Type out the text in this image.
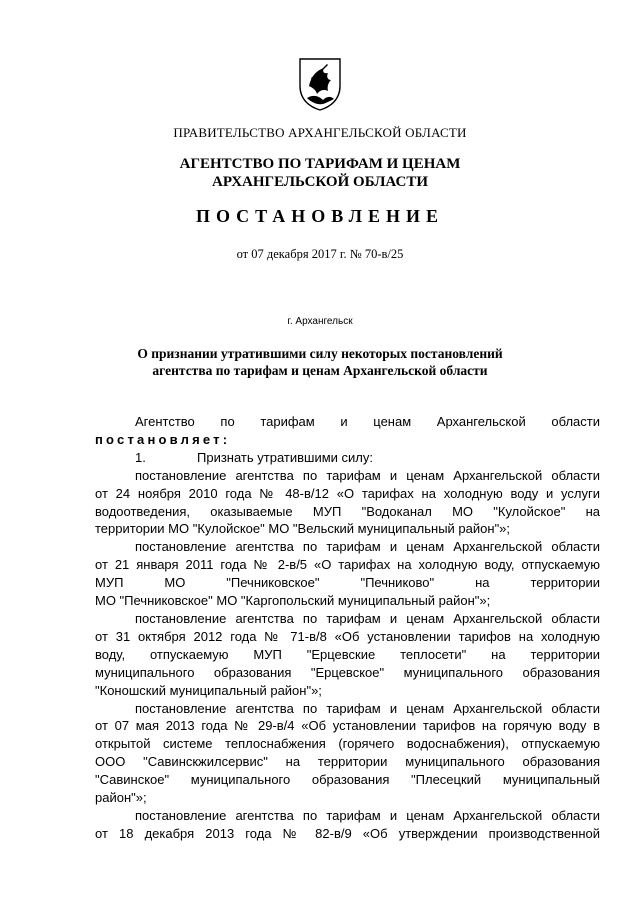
ПРАВИТЕЛЬСТВО АРХАНГЕЛЬСКОЙ ОБЛАСТИ
АГЕНТСТВО ПО ТАРИФАМ И ЦЕНАМ
АРХАНГЕЛЬСКОЙ ОБЛАСТИ
ПОСТАНОВЛЕНИЕ
от 07 декабря 2017 г. № 70-в/25
г. Архангельск
О признании утратившими силу некоторых постановлений
агентства по тарифам и ценам Архангельской области

Агентство по тарифам и ценам Архангельской области

постановляет:

1.	Признать утратившими силу:

постановление агентства по тарифам и ценам Архангельской области

от 24 ноября 2010 года № 48-в/12 «О тарифах на холодную воду и услуги

водоотведения, оказываемые МУП "Водоканал МО "Кулойское" на

территории МО "Кулойское" МО "Вельский муниципальный район"»;

постановление агентства по тарифам и ценам Архангельской области

от 21 января 2011 года № 2-в/5 «О тарифах на холодную воду, отпускаемую

МУП МО "Печниковское" "Печниково" на территории

МО "Печниковское" МО "Каргопольский муниципальный район"»;

постановление агентства по тарифам и ценам Архангельской области

от 31 октября 2012 года № 71-в/8 «Об установлении тарифов на холодную

воду, отпускаемую МУП "Ерцевские теплосети" на территории

муниципального образования "Ерцевское" муниципального образования

"Коношский муниципальный район"»;

постановление агентства по тарифам и ценам Архангельской области

от 07 мая 2013 года № 29-в/4 «Об установлении тарифов на горячую воду в

открытой системе теплоснабжения (горячего водоснабжения), отпускаемую

ООО "Савинскжилсервис" на территории муниципального образования

"Савинское" муниципального образования "Плесецкий муниципальный

район"»;

постановление агентства по тарифам и ценам Архангельской области

от 18 декабря 2013 года № 82-в/9 «Об утверждении производственной
